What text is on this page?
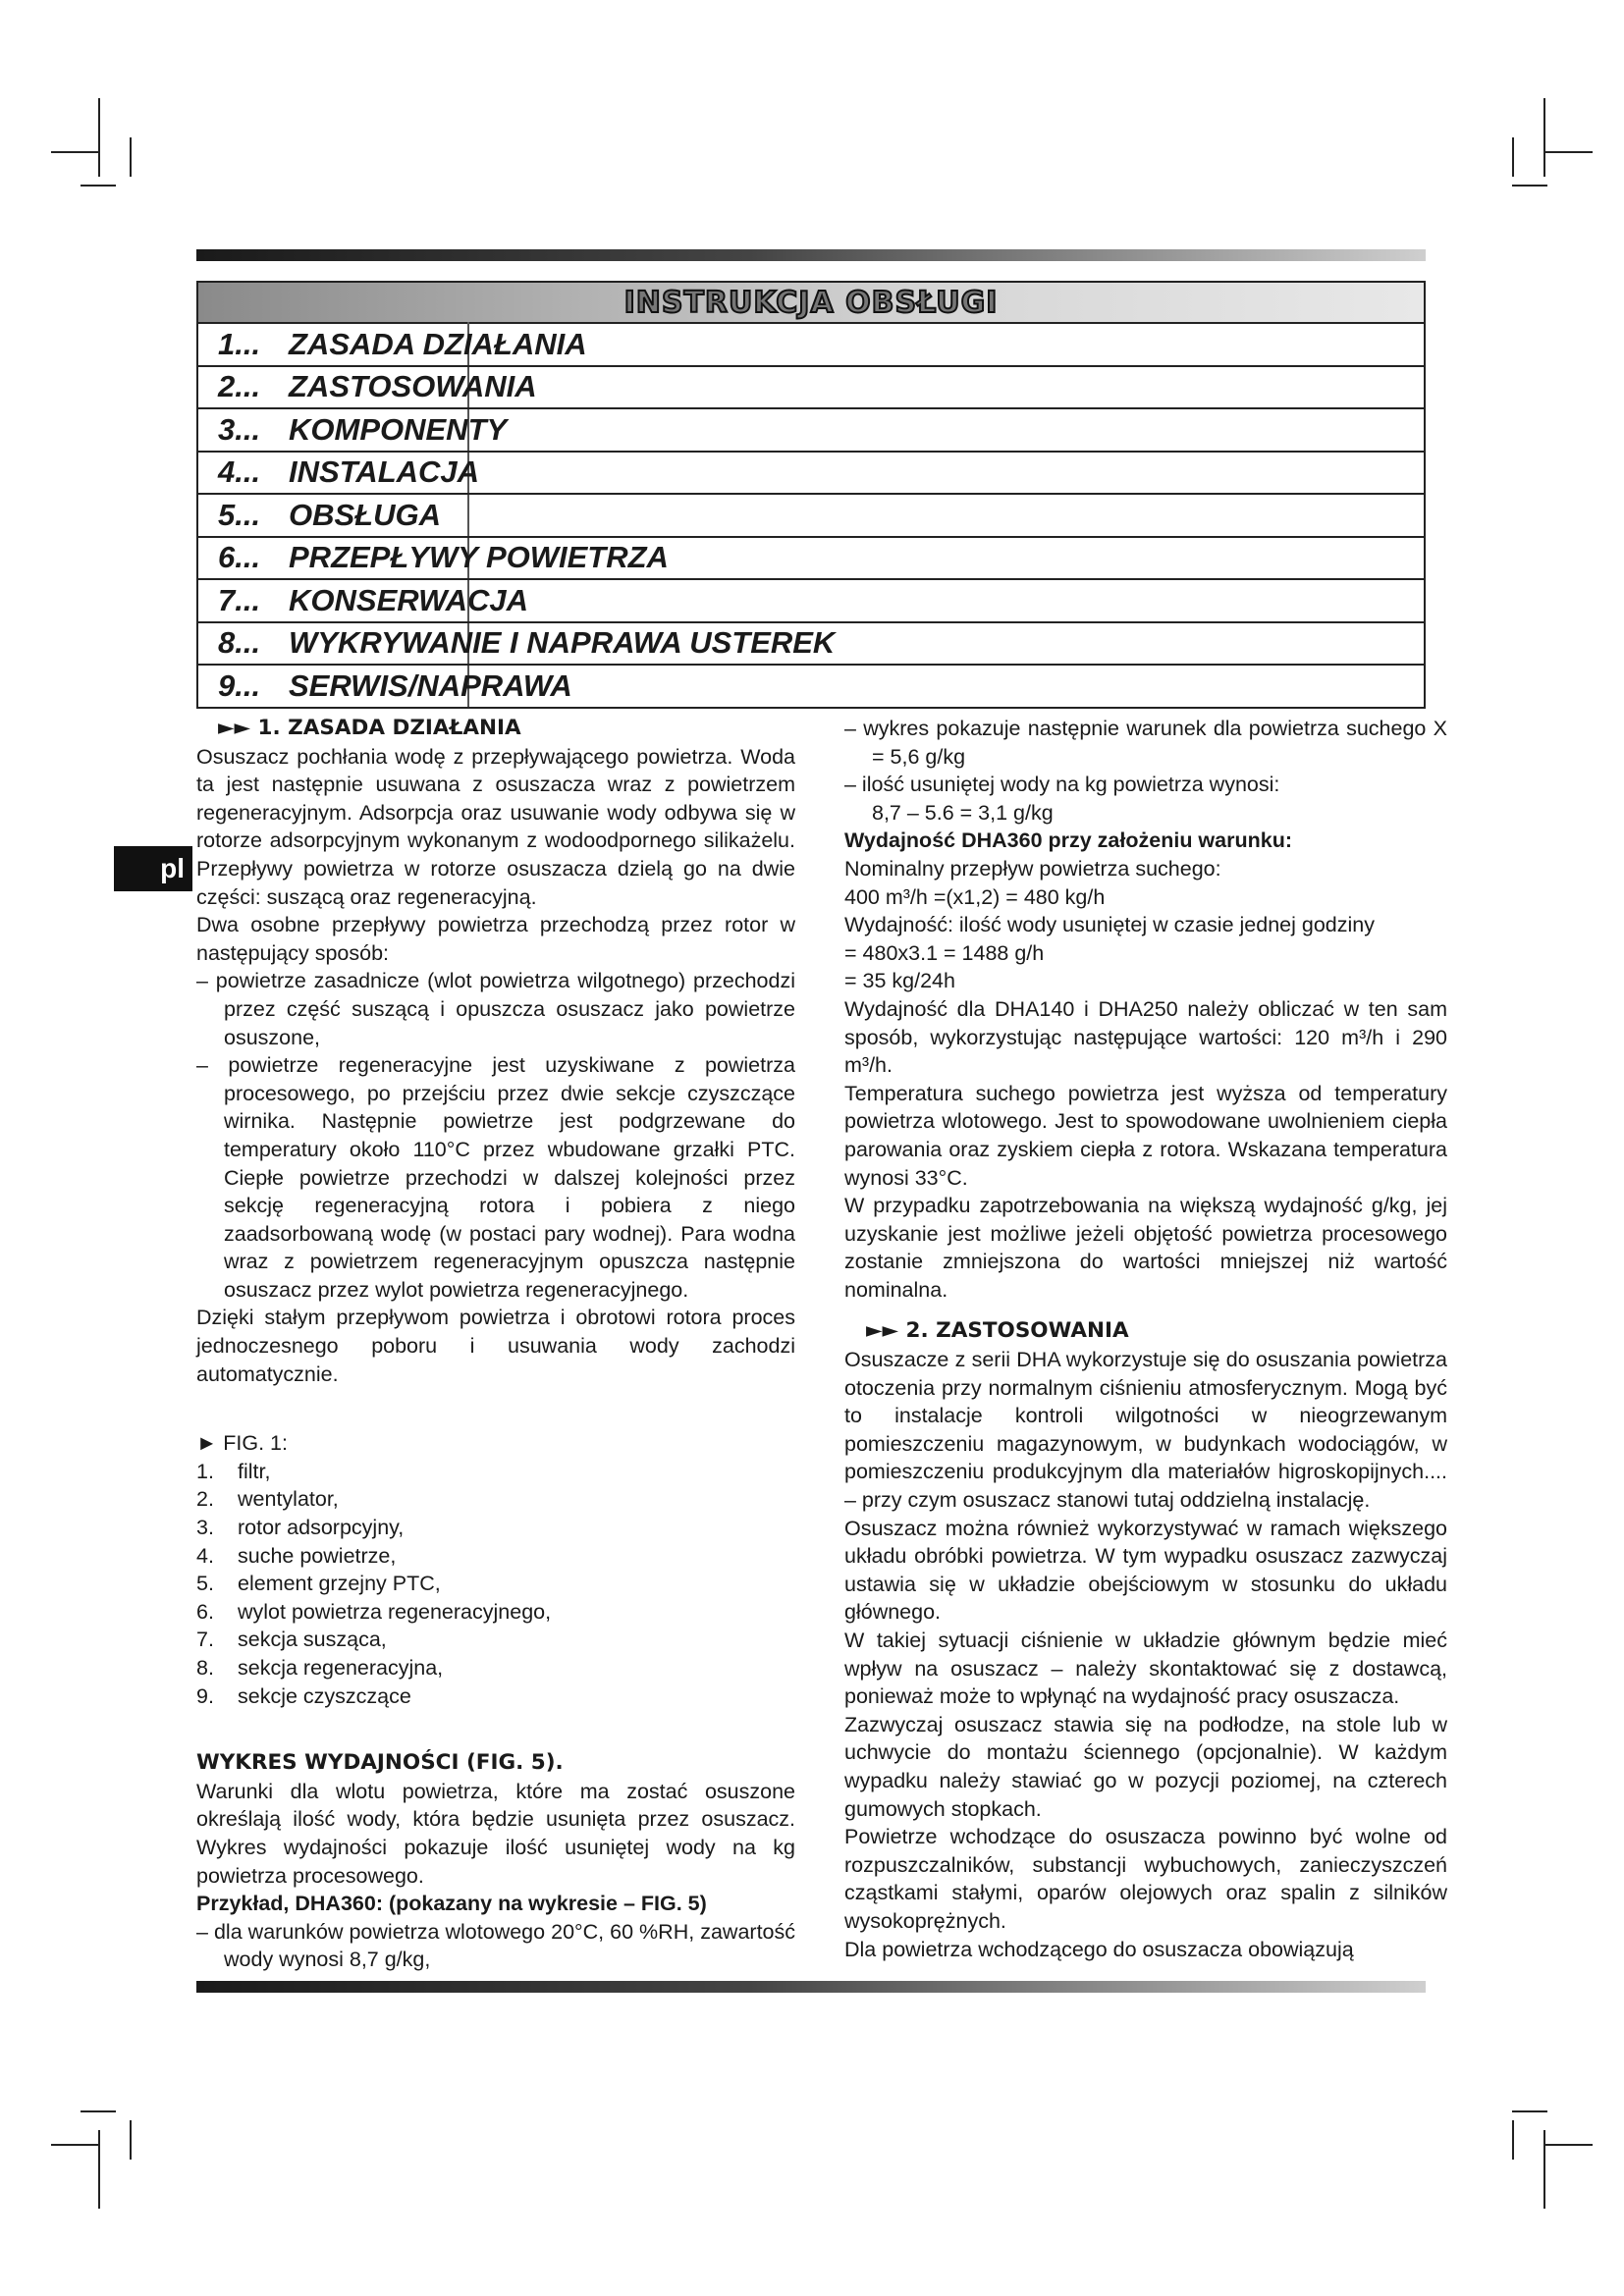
INSTRUKCJA OBSŁUGI
1... ZASADA DZIAŁANIA
2... ZASTOSOWANIA
3... KOMPONENTY
4... INSTALACJA
5... OBSŁUGA
6... PRZEPŁYWY POWIETRZA
7... KONSERWACJA
8... WYKRYWANIE I NAPRAWA USTEREK
9... SERWIS/NAPRAWA
pl

►► 1. ZASADA DZIAŁANIA

Osuszacz pochłania wodę z przepływającego powietrza. Woda ta jest następnie usuwana z osuszacza wraz z powietrzem regeneracyjnym. Adsorpcja oraz usuwanie wody odbywa się w rotorze adsorpcyjnym wykonanym z wodoodpornego silikażelu. Przepływy powietrza w rotorze osuszacza dzielą go na dwie części: suszącą oraz regeneracyjną.

Dwa osobne przepływy powietrza przechodzą przez rotor w następujący sposób:

– powietrze zasadnicze (wlot powietrza wilgotnego) przechodzi przez część suszącą i opuszcza osuszacz jako powietrze osuszone,

– powietrze regeneracyjne jest uzyskiwane z powietrza procesowego, po przejściu przez dwie sekcje czyszczące wirnika. Następnie powietrze jest podgrzewane do temperatury około 110°C przez wbudowane grzałki PTC. Ciepłe powietrze przechodzi w dalszej kolejności przez sekcję regeneracyjną rotora i pobiera z niego zaadsorbowaną wodę (w postaci pary wodnej). Para wodna wraz z powietrzem regeneracyjnym opuszcza następnie osuszacz przez wylot powietrza regeneracyjnego.

Dzięki stałym przepływom powietrza i obrotowi rotora proces jednoczesnego poboru i usuwania wody zachodzi automatycznie.

► FIG. 1:

1.	filtr,
2.	wentylator,
3.	rotor adsorpcyjny,
4.	suche powietrze,
5.	element grzejny PTC,
6.	wylot powietrza regeneracyjnego,
7.	sekcja susząca,
8.	sekcja regeneracyjna,
9.	sekcje czyszczące

WYKRES WYDAJNOŚCI (FIG. 5).

Warunki dla wlotu powietrza, które ma zostać osuszone określają ilość wody, która będzie usunięta przez osuszacz. Wykres wydajności pokazuje ilość usuniętej wody na kg powietrza procesowego.

Przykład, DHA360: (pokazany na wykresie – FIG. 5)

– dla warunków powietrza wlotowego 20°C, 60 %RH, zawartość wody wynosi 8,7 g/kg,

– wykres pokazuje następnie warunek dla powietrza suchego X = 5,6 g/kg

– ilość usuniętej wody na kg powietrza wynosi:

8,7 – 5.6 = 3,1 g/kg

Wydajność DHA360 przy założeniu warunku:

Nominalny przepływ powietrza suchego:

400 m³/h =(x1,2) = 480 kg/h

Wydajność: ilość wody usuniętej w czasie jednej godziny

= 480x3.1 = 1488 g/h

= 35 kg/24h

Wydajność dla DHA140 i DHA250 należy obliczać w ten sam sposób, wykorzystując następujące wartości: 120 m³/h i 290 m³/h.

Temperatura suchego powietrza jest wyższa od temperatury powietrza wlotowego. Jest to spowodowane uwolnieniem ciepła parowania oraz zyskiem ciepła z rotora. Wskazana temperatura wynosi 33°C.

W przypadku zapotrzebowania na większą wydajność g/kg, jej uzyskanie jest możliwe jeżeli objętość powietrza procesowego zostanie zmniejszona do wartości mniejszej niż wartość nominalna.

►► 2. ZASTOSOWANIA

Osuszacze z serii DHA wykorzystuje się do osuszania powietrza otoczenia przy normalnym ciśnieniu atmosferycznym. Mogą być to instalacje kontroli wilgotności w nieogrzewanym pomieszczeniu magazynowym, w budynkach wodociągów, w pomieszczeniu produkcyjnym dla materiałów higroskopijnych.... – przy czym osuszacz stanowi tutaj oddzielną instalację.

Osuszacz można również wykorzystywać w ramach większego układu obróbki powietrza. W tym wypadku osuszacz zazwyczaj ustawia się w układzie obejściowym w stosunku do układu głównego.

W takiej sytuacji ciśnienie w układzie głównym będzie mieć wpływ na osuszacz – należy skontaktować się z dostawcą, ponieważ może to wpłynąć na wydajność pracy osuszacza.

Zazwyczaj osuszacz stawia się na podłodze, na stole lub w uchwycie do montażu ściennego (opcjonalnie). W każdym wypadku należy stawiać go w pozycji poziomej, na czterech gumowych stopkach.

Powietrze wchodzące do osuszacza powinno być wolne od rozpuszczalników, substancji wybuchowych, zanieczyszczeń cząstkami stałymi, oparów olejowych oraz spalin z silników wysokoprężnych.

Dla powietrza wchodzącego do osuszacza obowiązują
